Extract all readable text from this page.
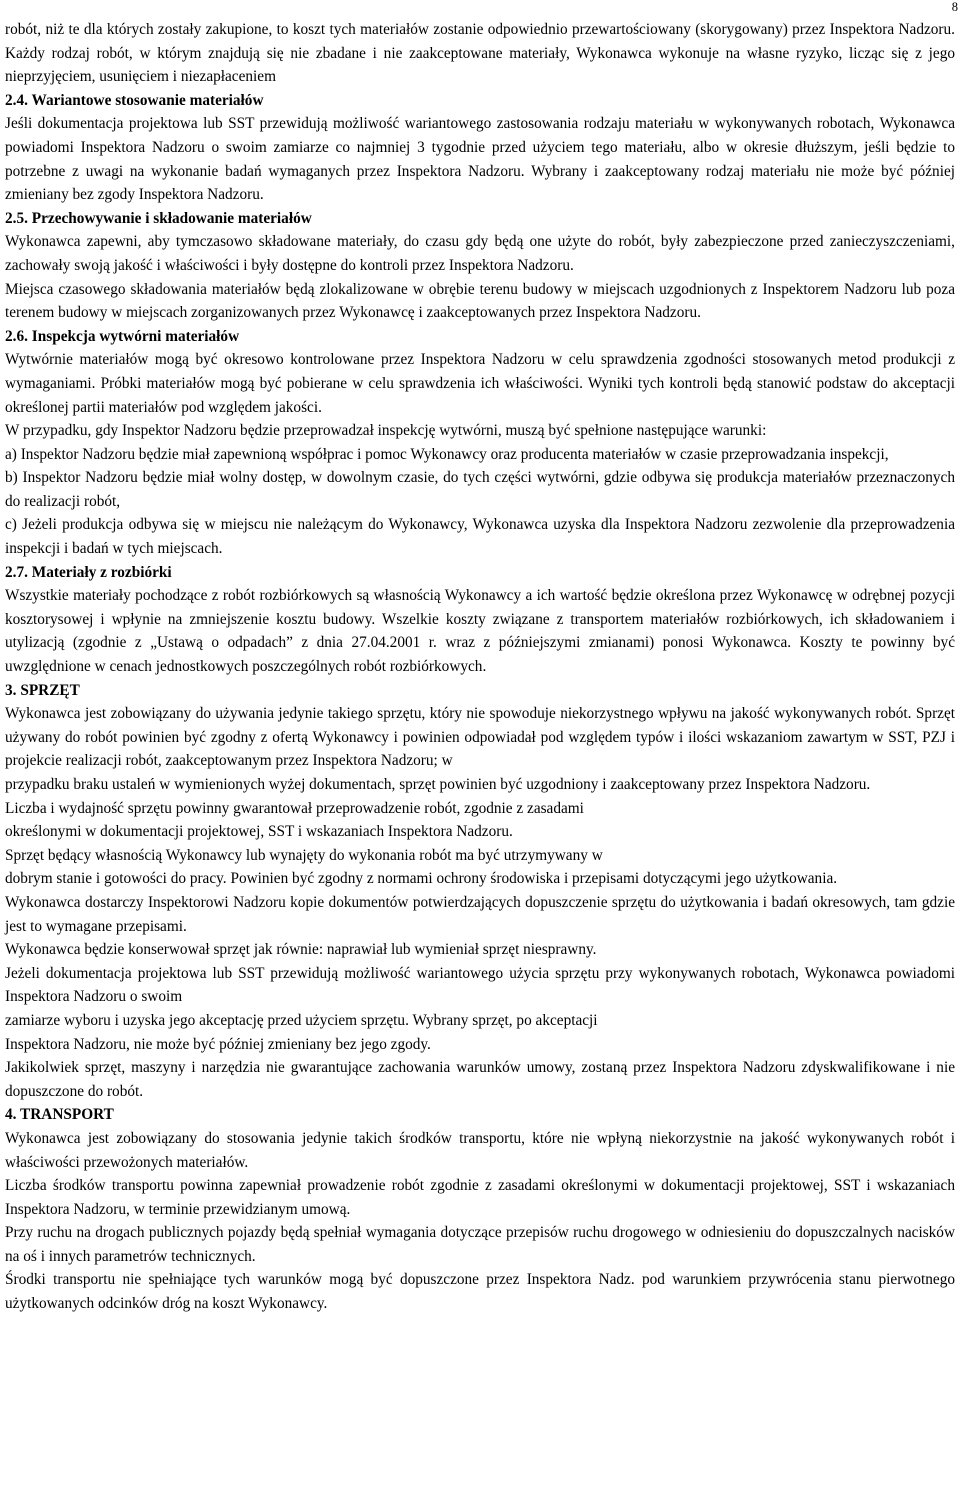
8

robót, niż te dla których zostały zakupione, to koszt tych materiałów zostanie odpowiednio przewartościowany (skorygowany) przez Inspektora Nadzoru. Każdy rodzaj robót, w którym znajdują się nie zbadane i nie zaakceptowane materiały, Wykonawca wykonuje na własne ryzyko, licząc się z jego nieprzyjęciem, usunięciem i niezapłaceniem

2.4. Wariantowe stosowanie materiałów

Jeśli dokumentacja projektowa lub SST przewidują możliwość wariantowego zastosowania rodzaju materiału w wykonywanych robotach, Wykonawca powiadomi Inspektora Nadzoru o swoim zamiarze co najmniej 3 tygodnie przed użyciem tego materiału, albo w okresie dłuższym, jeśli będzie to potrzebne z uwagi na wykonanie badań wymaganych przez Inspektora Nadzoru. Wybrany i zaakceptowany rodzaj materiału nie może być później zmieniany bez zgody Inspektora Nadzoru.

2.5. Przechowywanie i składowanie materiałów

Wykonawca zapewni, aby tymczasowo składowane materiały, do czasu gdy będą one użyte do robót, były zabezpieczone przed zanieczyszczeniami, zachowały swoją jakość i właściwości i były dostępne do kontroli przez Inspektora Nadzoru.

Miejsca czasowego składowania materiałów będą zlokalizowane w obrębie terenu budowy w miejscach uzgodnionych z Inspektorem Nadzoru lub poza terenem budowy w miejscach zorganizowanych przez Wykonawcę i zaakceptowanych przez Inspektora Nadzoru.

2.6. Inspekcja wytwórni materiałów

Wytwórnie materiałów mogą być okresowo kontrolowane przez Inspektora Nadzoru w celu sprawdzenia zgodności stosowanych metod produkcji z wymaganiami. Próbki materiałów mogą być pobierane w celu sprawdzenia ich właściwości. Wyniki tych kontroli będą stanowić podstaw do akceptacji określonej partii materiałów pod względem jakości.

W przypadku, gdy Inspektor Nadzoru będzie przeprowadzał inspekcję wytwórni, muszą być spełnione następujące warunki:

a) Inspektor Nadzoru będzie miał zapewnioną współprac i pomoc Wykonawcy oraz producenta materiałów w czasie przeprowadzania inspekcji,

b) Inspektor Nadzoru będzie miał wolny dostęp, w dowolnym czasie, do tych części wytwórni, gdzie odbywa się produkcja materiałów przeznaczonych do realizacji robót,

c) Jeżeli produkcja odbywa się w miejscu nie należącym do Wykonawcy, Wykonawca uzyska dla Inspektora Nadzoru zezwolenie dla przeprowadzenia inspekcji i badań w tych miejscach.

2.7. Materiały z rozbiórki

Wszystkie materiały pochodzące z robót rozbiórkowych są własnością Wykonawcy a ich wartość będzie określona przez Wykonawcę w odrębnej pozycji kosztorysowej i wpłynie na zmniejszenie kosztu budowy. Wszelkie koszty związane z transportem materiałów rozbiórkowych, ich składowaniem i utylizacją (zgodnie z „Ustawą o odpadach” z dnia 27.04.2001 r. wraz z późniejszymi zmianami) ponosi Wykonawca. Koszty te powinny być uwzględnione w cenach jednostkowych poszczególnych robót rozbiórkowych.

3. SPRZĘT

Wykonawca jest zobowiązany do używania jedynie takiego sprzętu, który nie spowoduje niekorzystnego wpływu na jakość wykonywanych robót. Sprzęt używany do robót powinien być zgodny z ofertą Wykonawcy i powinien odpowiadał pod względem typów i ilości wskazaniom zawartym w SST, PZJ i projekcie realizacji robót, zaakceptowanym przez Inspektora Nadzoru; w

przypadku braku ustaleń w wymienionych wyżej dokumentach, sprzęt powinien być uzgodniony i zaakceptowany przez Inspektora Nadzoru.

Liczba i wydajność sprzętu powinny gwarantował przeprowadzenie robót, zgodnie z zasadami

określonymi w dokumentacji projektowej, SST i wskazaniach Inspektora Nadzoru.

Sprzęt będący własnością Wykonawcy lub wynajęty do wykonania robót ma być utrzymywany w

dobrym stanie i gotowości do pracy. Powinien być zgodny z normami ochrony środowiska i przepisami dotyczącymi jego użytkowania.

Wykonawca dostarczy Inspektorowi Nadzoru kopie dokumentów potwierdzających dopuszczenie sprzętu do użytkowania i badań okresowych, tam gdzie jest to wymagane przepisami.

Wykonawca będzie konserwował sprzęt jak równie: naprawiał lub wymieniał sprzęt niesprawny.

Jeżeli dokumentacja projektowa lub SST przewidują możliwość wariantowego użycia sprzętu przy wykonywanych robotach, Wykonawca powiadomi Inspektora Nadzoru o swoim

zamiarze wyboru i uzyska jego akceptację przed użyciem sprzętu. Wybrany sprzęt, po akceptacji

Inspektora Nadzoru, nie może być później zmieniany bez jego zgody.

Jakikolwiek sprzęt, maszyny i narzędzia nie gwarantujące zachowania warunków umowy, zostaną przez Inspektora Nadzoru zdyskwalifikowane i nie dopuszczone do robót.

4. TRANSPORT

Wykonawca jest zobowiązany do stosowania jedynie takich środków transportu, które nie wpłyną niekorzystnie na jakość wykonywanych robót i właściwości przewożonych materiałów.

Liczba środków transportu powinna zapewniał prowadzenie robót zgodnie z zasadami określonymi w dokumentacji projektowej, SST i wskazaniach Inspektora Nadzoru, w terminie przewidzianym umową.

Przy ruchu na drogach publicznych pojazdy będą spełniał wymagania dotyczące przepisów ruchu drogowego w odniesieniu do dopuszczalnych nacisków na oś i innych parametrów technicznych.

Środki transportu nie spełniające tych warunków mogą być dopuszczone przez Inspektora Nadz. pod warunkiem przywrócenia stanu pierwotnego użytkowanych odcinków dróg na koszt Wykonawcy.
